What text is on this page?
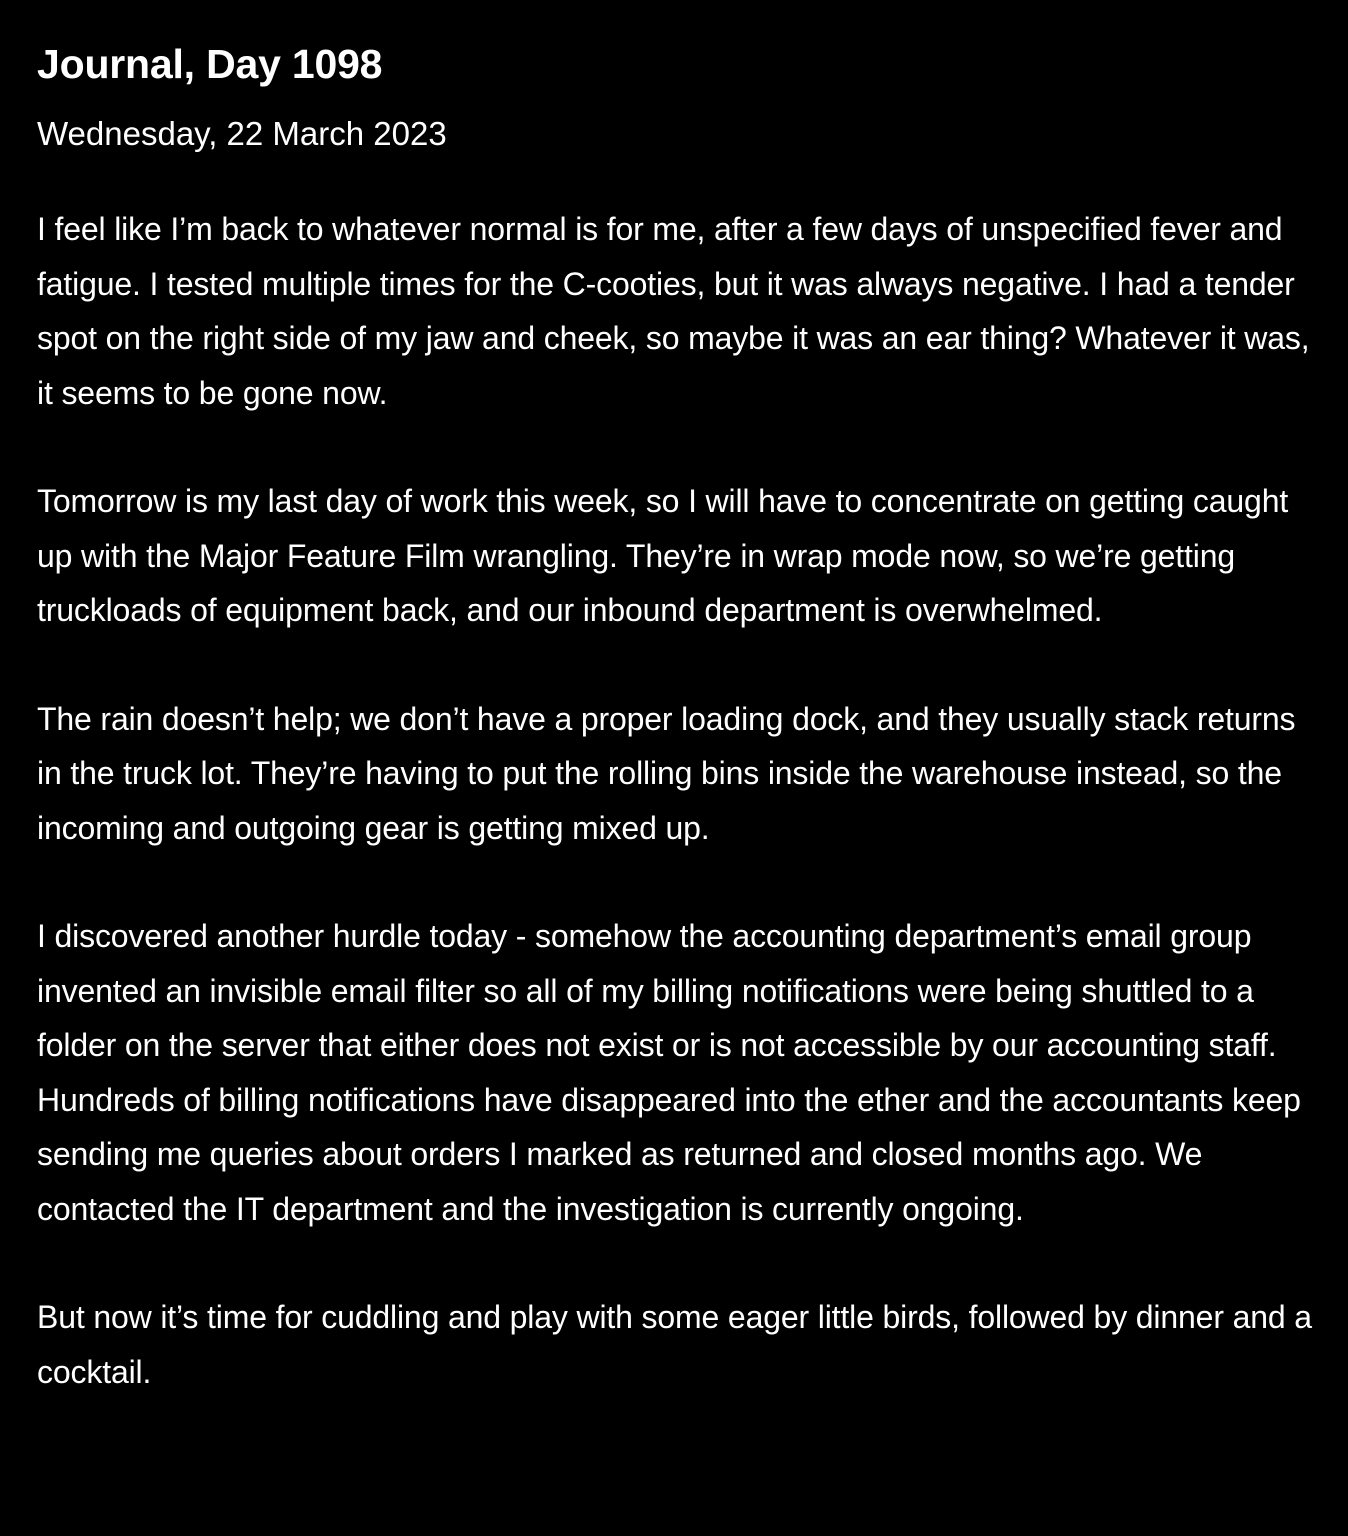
Journal, Day 1098
Wednesday, 22 March 2023

I feel like I’m back to whatever normal is for me, after a few days of unspecified fever and fatigue. I tested multiple times for the C-cooties, but it was always negative. I had a tender spot on the right side of my jaw and cheek, so maybe it was an ear thing? Whatever it was, it seems to be gone now.

Tomorrow is my last day of work this week, so I will have to concentrate on getting caught up with the Major Feature Film wrangling. They’re in wrap mode now, so we’re getting truckloads of equipment back, and our inbound department is overwhelmed.

The rain doesn’t help; we don’t have a proper loading dock, and they usually stack returns in the truck lot. They’re having to put the rolling bins inside the warehouse instead, so the incoming and outgoing gear is getting mixed up.

I discovered another hurdle today - somehow the accounting department’s email group invented an invisible email filter so all of my billing notifications were being shuttled to a folder on the server that either does not exist or is not accessible by our accounting staff. Hundreds of billing notifications have disappeared into the ether and the accountants keep sending me queries about orders I marked as returned and closed months ago. We contacted the IT department and the investigation is currently ongoing.

But now it’s time for cuddling and play with some eager little birds, followed by dinner and a cocktail.
